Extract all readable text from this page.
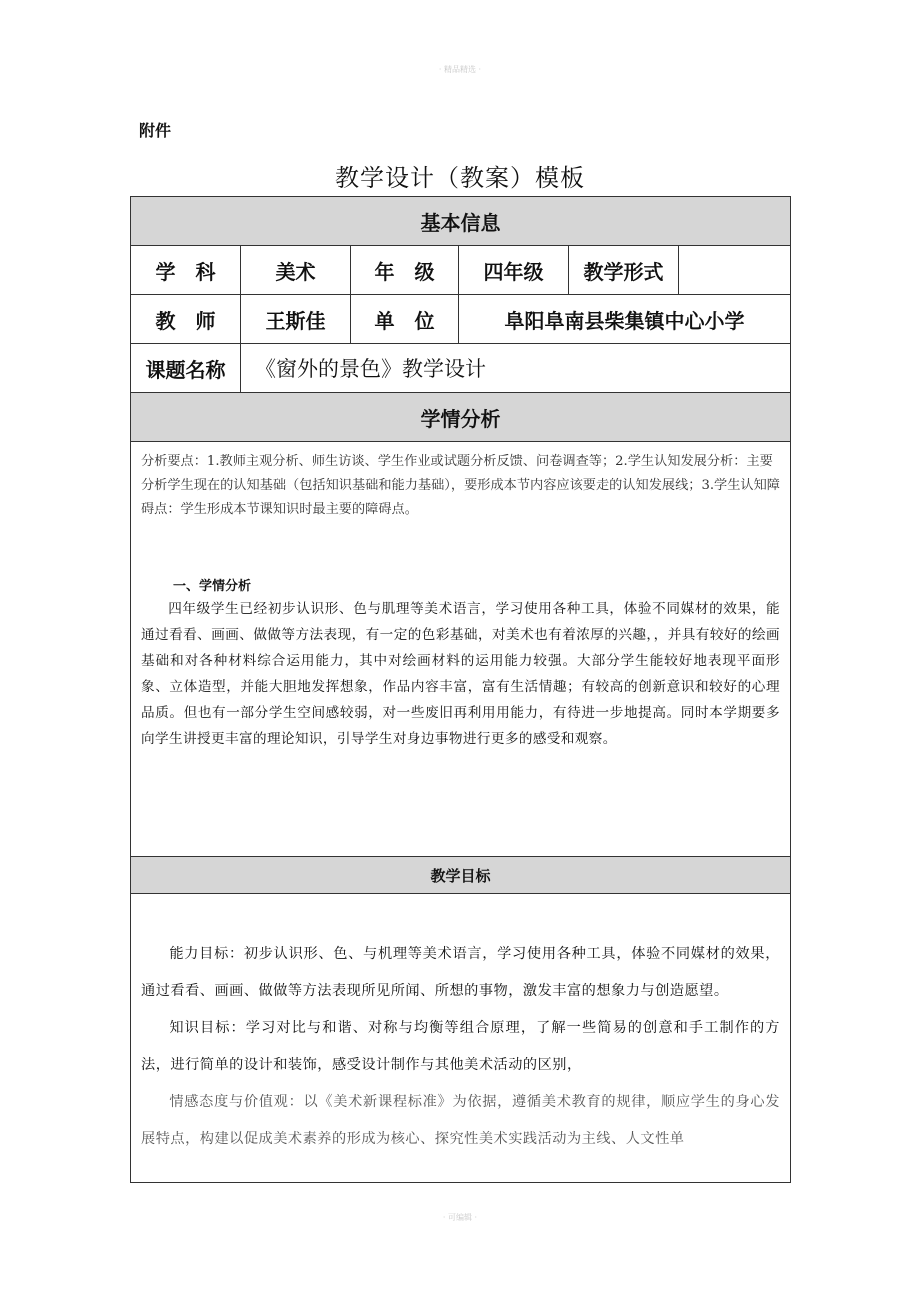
· 精品精选 ·
附件
教学设计（教案）模板
基本信息					
学　科	美术	年　级	四年级	教学形式	
教　师	王斯佳	单　位	阜阳阜南县柴集镇中心小学		
课题名称	《窗外的景色》教学设计				
学情分析					

分析要点：1.教师主观分析、师生访谈、学生作业或试题分析反馈、问卷调查等；2.学生认知发展分析：主要分析学生现在的认知基础（包括知识基础和能力基础），要形成本节内容应该要走的认知发展线；3.学生认知障碍点：学生形成本节课知识时最主要的障碍点。

一、学情分析

四年级学生已经初步认识形、色与肌理等美术语言，学习使用各种工具，体验不同媒材的效果，能通过看看、画画、做做等方法表现，有一定的色彩基础，对美术也有着浓厚的兴趣，，并具有较好的绘画基础和对各种材料综合运用能力，其中对绘画材料的运用能力较强。大部分学生能较好地表现平面形象、立体造型，并能大胆地发挥想象，作品内容丰富，富有生活情趣；有较高的创新意识和较好的心理品质。但也有一部分学生空间感较弱，对一些废旧再利用用能力，有待进一步地提高。同时本学期要多向学生讲授更丰富的理论知识，引导学生对身边事物进行更多的感受和观察。					

教学目标					

能力目标：初步认识形、色、与机理等美术语言，学习使用各种工具，体验不同媒材的效果，通过看看、画画、做做等方法表现所见所闻、所想的事物，激发丰富的想象力与创造愿望。

知识目标：学习对比与和谐、对称与均衡等组合原理，了解一些简易的创意和手工制作的方法，进行简单的设计和装饰，感受设计制作与其他美术活动的区别，

情感态度与价值观：以《美术新课程标准》为依据，遵循美术教育的规律，顺应学生的身心发展特点，构建以促成美术素养的形成为核心、探究性美术实践活动为主线、人文性单					

· 可编辑 ·
